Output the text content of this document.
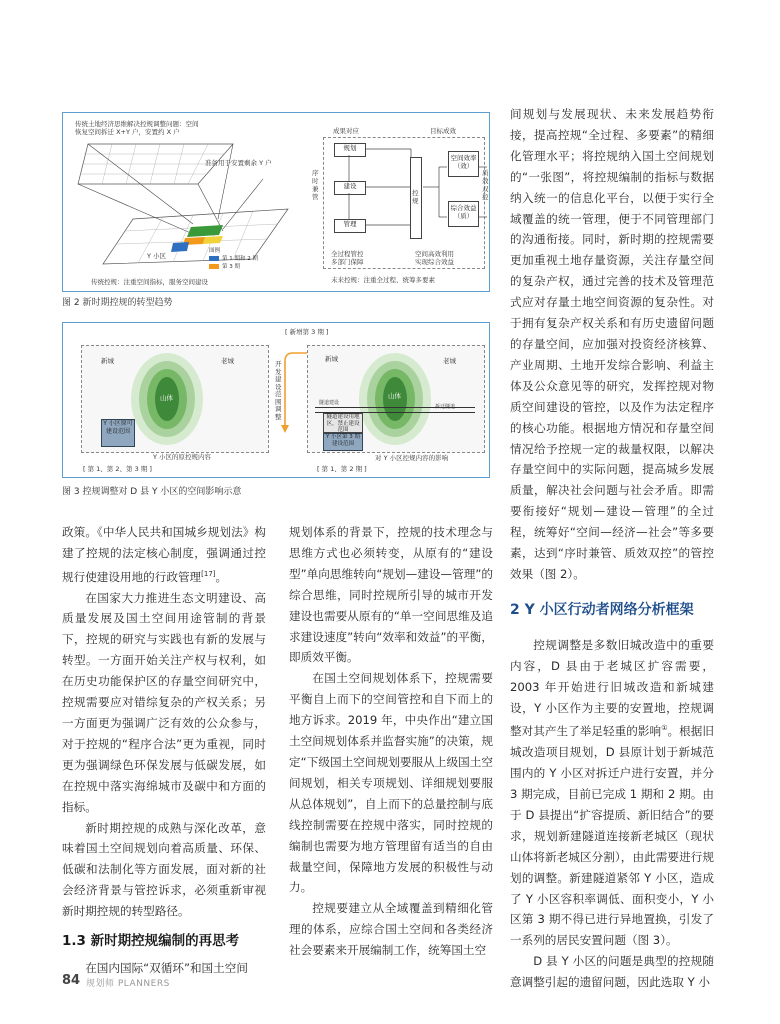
传统土地经济思维解决控规调整问题：空间
恢复空间拆迁 X+Y 户，安置约 X 户
准备用于安置剩余 Y 户
Y 小区
图例
第 1 期和 2 期
第 3 期
传统控规：注重空间指标，服务空间建设
成果对应	目标成效
序时兼管
规划
建设
管理
控规
空间效率（效）
综合效益（质）
质效双控
全过程管控
多部门保障
空间高效利用
实现综合效益
未来控规：注重全过程、统筹多要素
图 2 新时期控规的转型趋势
[ 新增第 3 期 ]
开发建设范围调整
新城	老城
山体
Y 小区原可建设范围
Y 小区的原控规内容
[ 第 1、第 2、第 3 期 ]
新城	老城
山体
隧道建设
拆迁隧道
隧道建设用地区，禁止建设范围
Y 小区第 3 期建设范围
对 Y 小区控规内容的影响
[ 第 1、第 2 期 ]
图 3 控规调整对 D 县 Y 小区的空间影响示意

政策。《中华人民共和国城乡规划法》构建了控规的法定核心制度，强调通过控规行使建设用地的行政管理[17]。

在国家大力推进生态文明建设、高质量发展及国土空间用途管制的背景下，控规的研究与实践也有新的发展与转型。一方面开始关注产权与权利，如在历史功能保护区的存量空间研究中，控规需要应对错综复杂的产权关系；另一方面更为强调广泛有效的公众参与，对于控规的“程序合法”更为重视，同时更为强调绿色环保发展与低碳发展，如在控规中落实海绵城市及碳中和方面的指标。

新时期控规的成熟与深化改革，意味着国土空间规划向着高质量、环保、低碳和法制化等方面发展，面对新的社会经济背景与管控诉求，必须重新审视新时期控规的转型路径。

1.3 新时期控规编制的再思考

在国内国际“双循环”和国土空间

规划体系的背景下，控规的技术理念与思维方式也必须转变，从原有的“建设型”单向思维转向“规划—建设—管理”的综合思维，同时控规所引导的城市开发建设也需要从原有的“单一空间思维及追求建设速度”转向“效率和效益”的平衡，即质效平衡。

在国土空间规划体系下，控规需要平衡自上而下的空间管控和自下而上的地方诉求。2019 年，中央作出“建立国土空间规划体系并监督实施”的决策，规定“下级国土空间规划要服从上级国土空间规划，相关专项规划、详细规划要服从总体规划”，自上而下的总量控制与底线控制需要在控规中落实，同时控规的编制也需要为地方管理留有适当的自由裁量空间，保障地方发展的积极性与动力。

控规要建立从全域覆盖到精细化管理的体系，应综合国土空间和各类经济社会要素来开展编制工作，统筹国土空

间规划与发展现状、未来发展趋势衔接，提高控规“全过程、多要素”的精细化管理水平；将控规纳入国土空间规划的“一张图”，将控规编制的指标与数据纳入统一的信息化平台，以便于实行全域覆盖的统一管理，便于不同管理部门的沟通衔接。同时，新时期的控规需要更加重视土地存量资源，关注存量空间的复杂产权，通过完善的技术及管理范式应对存量土地空间资源的复杂性。对于拥有复杂产权关系和有历史遗留问题的存量空间，应加强对投资经济核算、产业周期、土地开发综合影响、利益主体及公众意见等的研究，发挥控规对物质空间建设的管控，以及作为法定程序的核心功能。根据地方情况和存量空间情况给予控规一定的裁量权限，以解决存量空间中的实际问题，提高城乡发展质量，解决社会问题与社会矛盾。即需要衔接好“规划—建设—管理”的全过程，统筹好“空间—经济—社会”等多要素，达到“序时兼管、质效双控”的管控效果（图 2）。

2 Y 小区行动者网络分析框架

控规调整是多数旧城改造中的重要内容，D 县由于老城区扩容需要，2003 年开始进行旧城改造和新城建设，Y 小区作为主要的安置地，控规调整对其产生了举足轻重的影响①。根据旧城改造项目规划，D 县原计划于新城范围内的 Y 小区对拆迁户进行安置，并分 3 期完成，目前已完成 1 期和 2 期。由于 D 县提出“扩容提质、新旧结合”的要求，规划新建隧道连接新老城区（现状山体将新老城区分割），由此需要进行规划的调整。新建隧道紧邻 Y 小区，造成了 Y 小区容积率调低、面积变小，Y 小区第 3 期不得已进行异地置换，引发了一系列的居民安置问题（图 3）。

D 县 Y 小区的问题是典型的控规随意调整引起的遗留问题，因此选取 Y 小

84 规划师 PLANNERS
